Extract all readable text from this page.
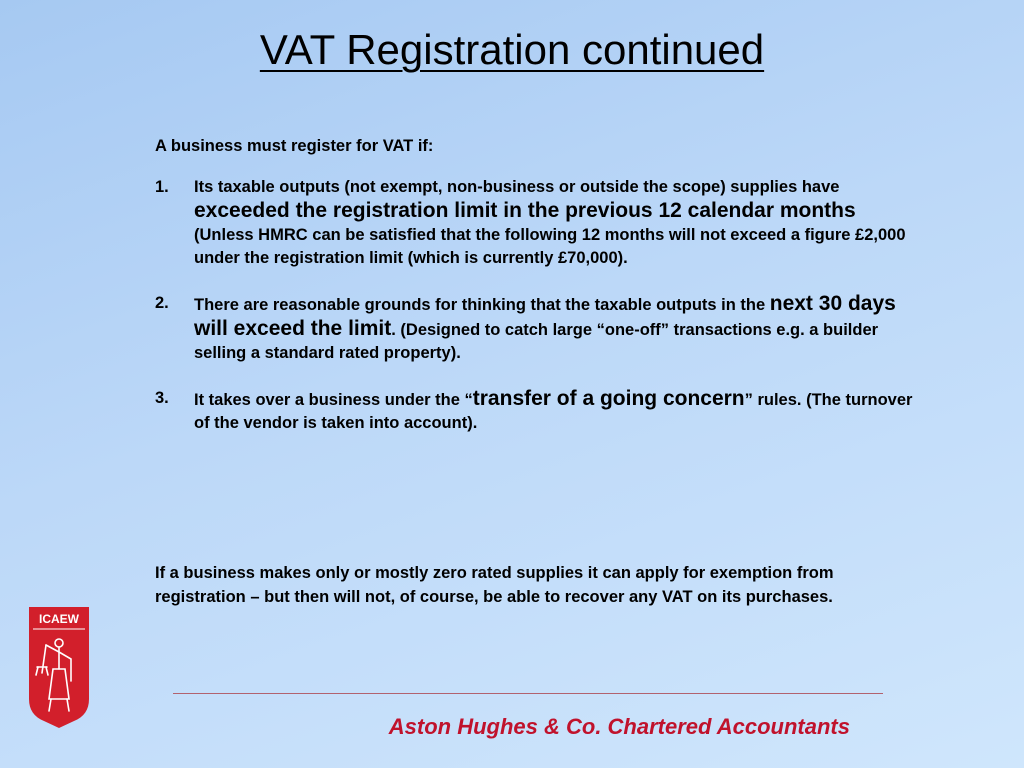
VAT Registration continued

A business must register for VAT if:

1. Its taxable outputs (not exempt, non-business or outside the scope) supplies have exceeded the registration limit in the previous 12 calendar months (Unless HMRC can be satisfied that the following 12 months will not exceed a figure £2,000 under the registration limit (which is currently £70,000).
2. There are reasonable grounds for thinking that the taxable outputs in the next 30 days will exceed the limit. (Designed to catch large “one-off” transactions e.g. a builder selling a standard rated property).
3. It takes over a business under the “transfer of a going concern” rules. (The turnover of the vendor is taken into account).

If a business makes only or mostly zero rated supplies it can apply for exemption from registration – but then will not, of course, be able to recover any VAT on its purchases.

ICAEW
Aston Hughes & Co. Chartered Accountants
